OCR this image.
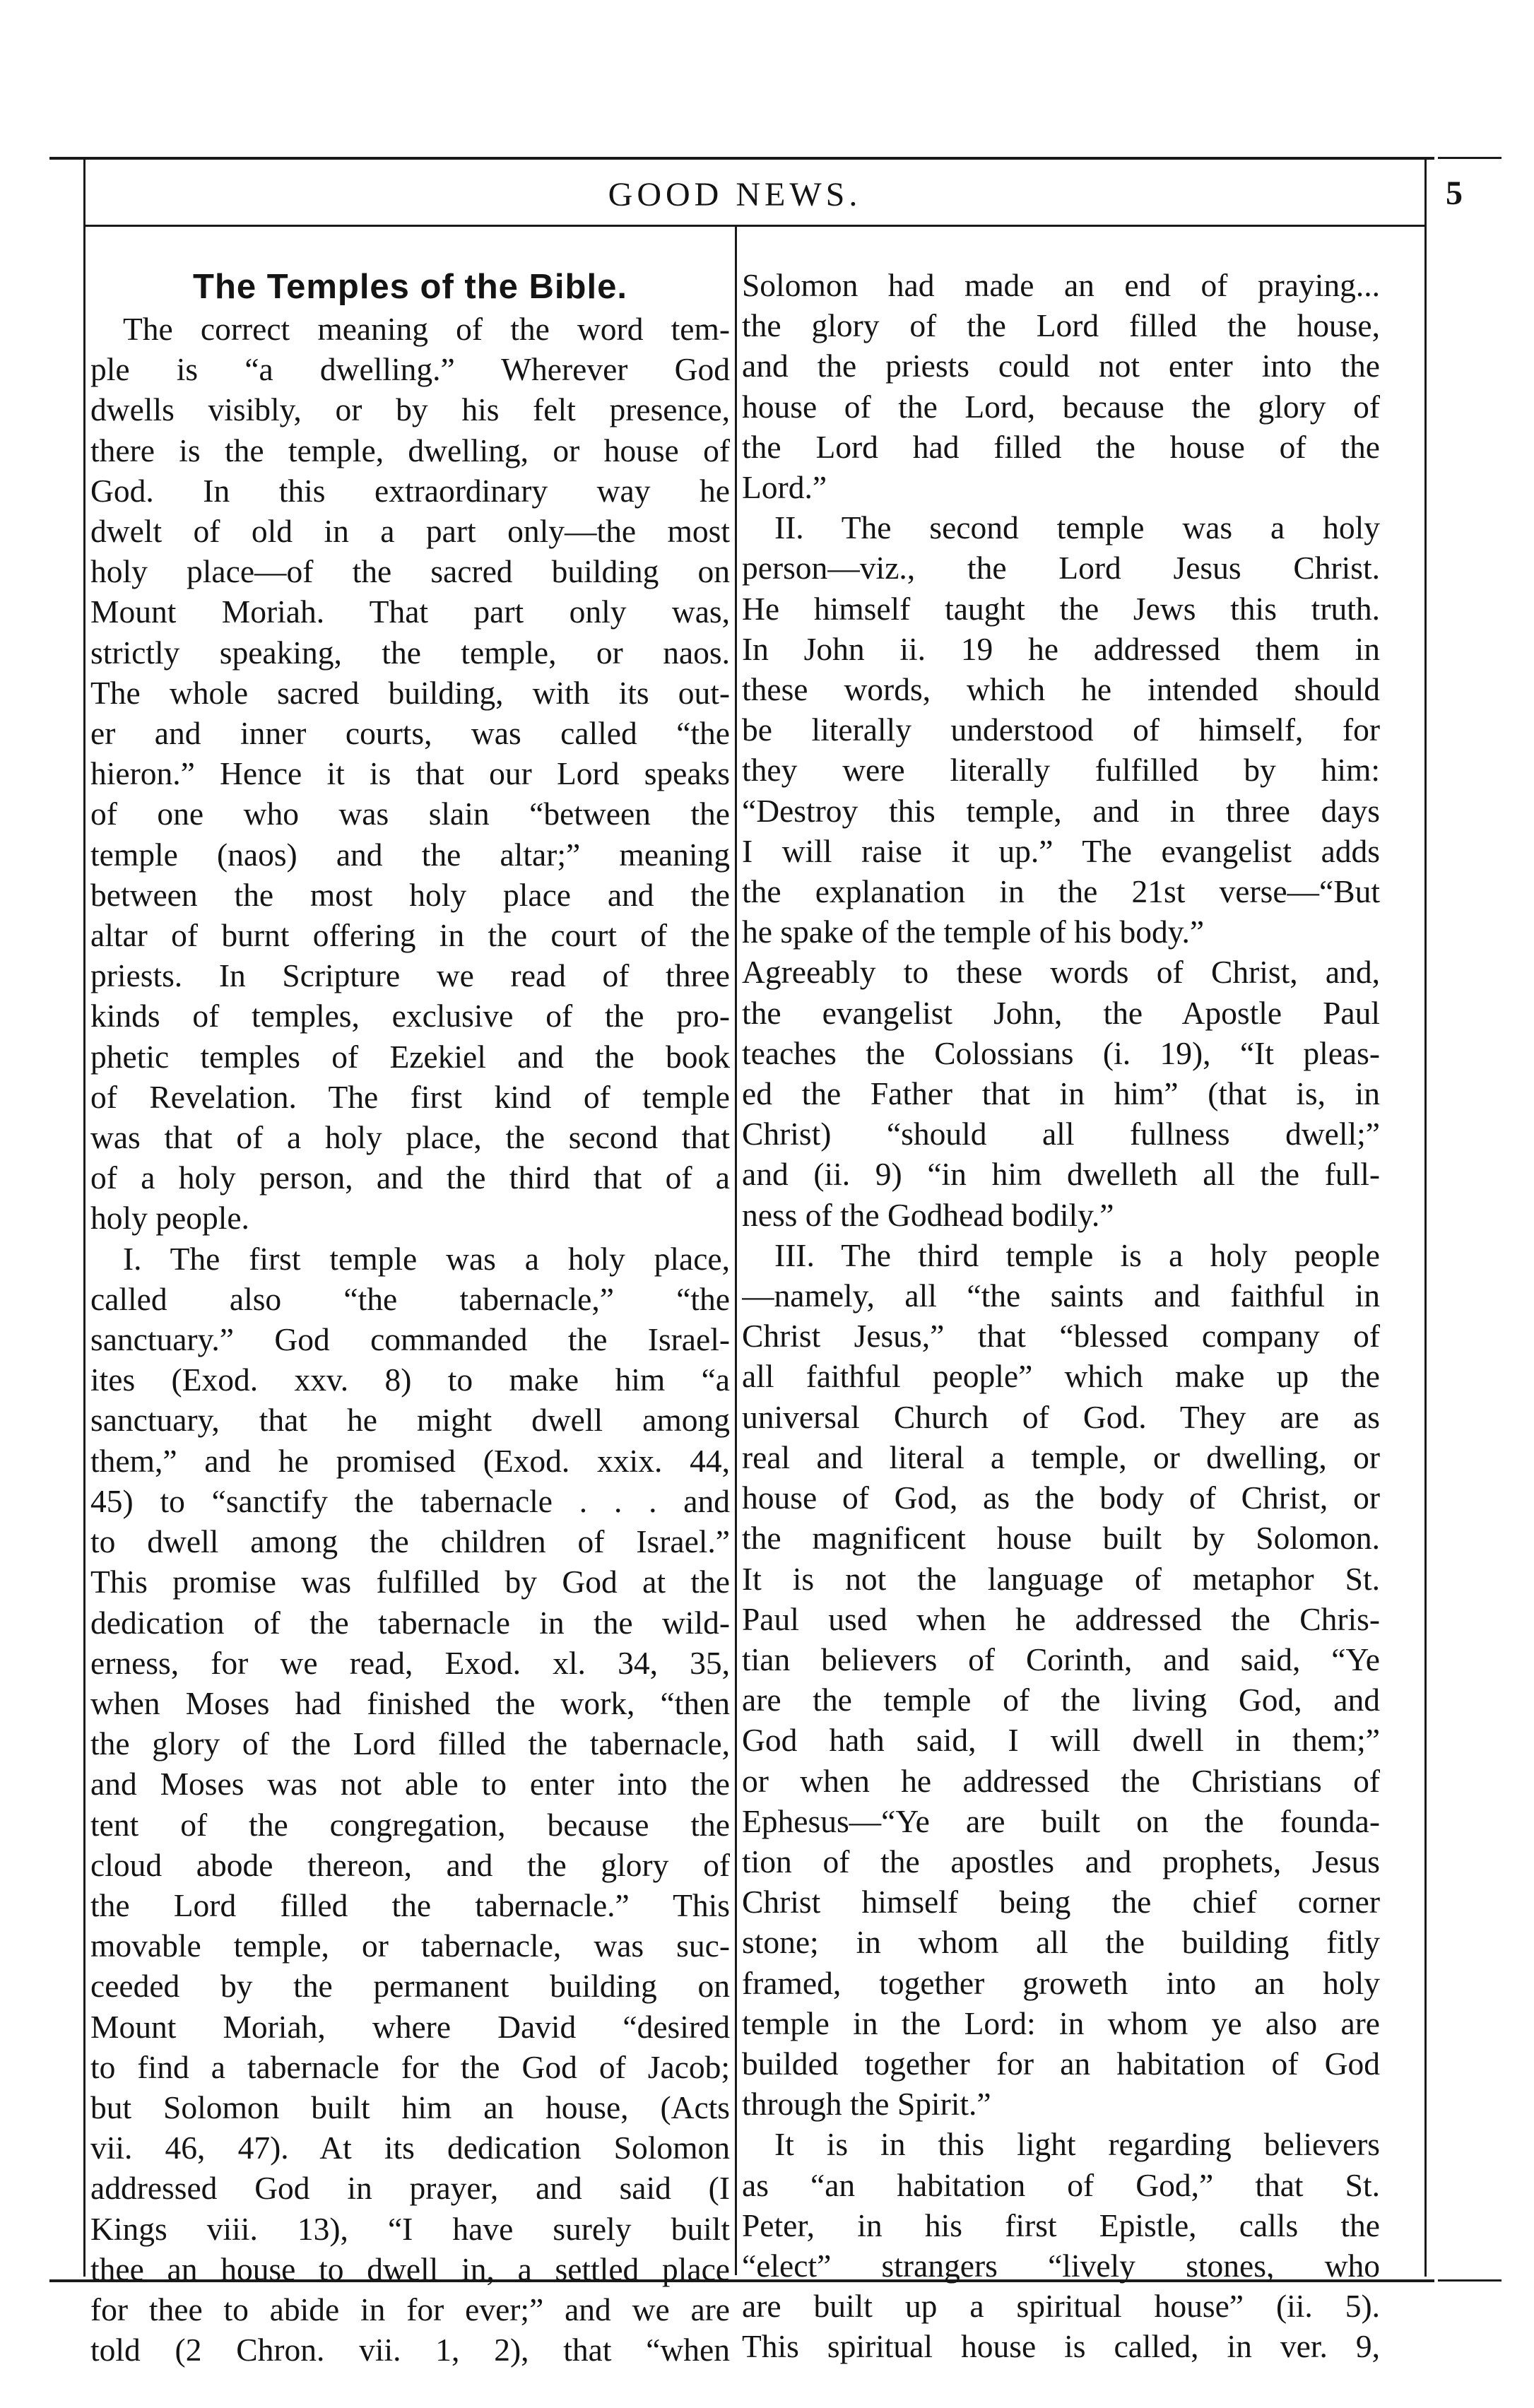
GOOD NEWS.	5
The Temples of the Bible.
The correct meaning of the word tem-
ple is “a dwelling.” Wherever God
dwells visibly, or by his felt presence,
there is the temple, dwelling, or house of
God. In this extraordinary way he
dwelt of old in a part only—the most
holy place—of the sacred building on
Mount Moriah. That part only was,
strictly speaking, the temple, or naos.
The whole sacred building, with its out-
er and inner courts, was called “the
hieron.” Hence it is that our Lord speaks
of one who was slain “between the
temple (naos) and the altar;” meaning
between the most holy place and the
altar of burnt offering in the court of the
priests. In Scripture we read of three
kinds of temples, exclusive of the pro-
phetic temples of Ezekiel and the book
of Revelation. The first kind of temple
was that of a holy place, the second that
of a holy person, and the third that of a
holy people.
I. The first temple was a holy place,
called also “the tabernacle,” “the
sanctuary.” God commanded the Israel-
ites (Exod. xxv. 8) to make him “a
sanctuary, that he might dwell among
them,” and he promised (Exod. xxix. 44,
45) to “sanctify the tabernacle . . . and
to dwell among the children of Israel.”
This promise was fulfilled by God at the
dedication of the tabernacle in the wild-
erness, for we read, Exod. xl. 34, 35,
when Moses had finished the work, “then
the glory of the Lord filled the tabernacle,
and Moses was not able to enter into the
tent of the congregation, because the
cloud abode thereon, and the glory of
the Lord filled the tabernacle.” This
movable temple, or tabernacle, was suc-
ceeded by the permanent building on
Mount Moriah, where David “desired
to find a tabernacle for the God of Jacob;
but Solomon built him an house, (Acts
vii. 46, 47). At its dedication Solomon
addressed God in prayer, and said (I
Kings viii. 13), “I have surely built
thee an house to dwell in, a settled place
for thee to abide in for ever;” and we are
told (2 Chron. vii. 1, 2), that “when
Solomon had made an end of praying...
the glory of the Lord filled the house,
and the priests could not enter into the
house of the Lord, because the glory of
the Lord had filled the house of the
Lord.”
II. The second temple was a holy
person—viz., the Lord Jesus Christ.
He himself taught the Jews this truth.
In John ii. 19 he addressed them in
these words, which he intended should
be literally understood of himself, for
they were literally fulfilled by him:
“Destroy this temple, and in three days
I will raise it up.” The evangelist adds
the explanation in the 21st verse—“But
he spake of the temple of his body.”
Agreeably to these words of Christ, and,
the evangelist John, the Apostle Paul
teaches the Colossians (i. 19), “It pleas-
ed the Father that in him” (that is, in
Christ) “should all fullness dwell;”
and (ii. 9) “in him dwelleth all the full-
ness of the Godhead bodily.”
III. The third temple is a holy people
—namely, all “the saints and faithful in
Christ Jesus,” that “blessed company of
all faithful people” which make up the
universal Church of God. They are as
real and literal a temple, or dwelling, or
house of God, as the body of Christ, or
the magnificent house built by Solomon.
It is not the language of metaphor St.
Paul used when he addressed the Chris-
tian believers of Corinth, and said, “Ye
are the temple of the living God, and
God hath said, I will dwell in them;”
or when he addressed the Christians of
Ephesus—“Ye are built on the founda-
tion of the apostles and prophets, Jesus
Christ himself being the chief corner
stone; in whom all the building fitly
framed, together groweth into an holy
temple in the Lord: in whom ye also are
builded together for an habitation of God
through the Spirit.”
It is in this light regarding believers
as “an habitation of God,” that St.
Peter, in his first Epistle, calls the
“elect” strangers “lively stones, who
are built up a spiritual house” (ii. 5).
This spiritual house is called, in ver. 9,
